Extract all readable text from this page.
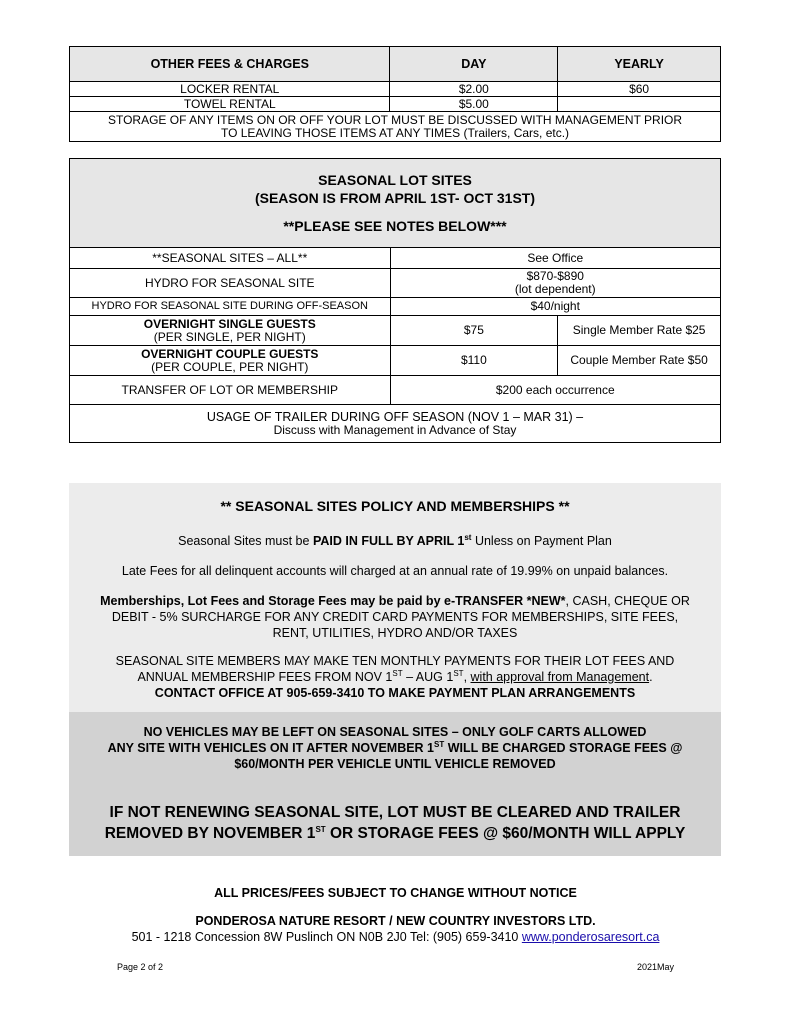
OTHER FEES & CHARGES	DAY	YEARLY
LOCKER RENTAL	$2.00	$60
TOWEL RENTAL	$5.00	
STORAGE OF ANY ITEMS ON OR OFF YOUR LOT MUST BE DISCUSSED WITH MANAGEMENT PRIOR
TO LEAVING THOSE ITEMS AT ANY TIMES (Trailers, Cars, etc.)		
SEASONAL LOT SITES
(SEASON IS FROM APRIL 1ST- OCT 31ST)
**PLEASE SEE NOTES BELOW***		

**SEASONAL SITES – ALL**	See Office	
HYDRO FOR SEASONAL SITE	$870-$890
(lot dependent)	
HYDRO FOR SEASONAL SITE DURING OFF-SEASON	$40/night	
OVERNIGHT SINGLE GUESTS
(PER SINGLE, PER NIGHT)	$75	Single Member Rate $25
OVERNIGHT COUPLE GUESTS
(PER COUPLE, PER NIGHT)	$110	Couple Member Rate $50
TRANSFER OF LOT OR MEMBERSHIP	$200 each occurrence	
USAGE OF TRAILER DURING OFF SEASON (NOV 1 – MAR 31) –
Discuss with Management in Advance of Stay		
** SEASONAL SITES POLICY AND MEMBERSHIPS **
Seasonal Sites must be PAID IN FULL BY APRIL 1st Unless on Payment Plan
Late Fees for all delinquent accounts will charged at an annual rate of 19.99% on unpaid balances.
Memberships, Lot Fees and Storage Fees may be paid by e-TRANSFER *NEW*, CASH, CHEQUE OR
DEBIT - 5% SURCHARGE FOR ANY CREDIT CARD PAYMENTS FOR MEMBERSHIPS, SITE FEES,
RENT, UTILITIES, HYDRO AND/OR TAXES
SEASONAL SITE MEMBERS MAY MAKE TEN MONTHLY PAYMENTS FOR THEIR LOT FEES AND
ANNUAL MEMBERSHIP FEES FROM NOV 1ST – AUG 1ST, with approval from Management.
CONTACT OFFICE AT 905-659-3410 TO MAKE PAYMENT PLAN ARRANGEMENTS
NO VEHICLES MAY BE LEFT ON SEASONAL SITES – ONLY GOLF CARTS ALLOWED
ANY SITE WITH VEHICLES ON IT AFTER NOVEMBER 1ST WILL BE CHARGED STORAGE FEES @
$60/MONTH PER VEHICLE UNTIL VEHICLE REMOVED
IF NOT RENEWING SEASONAL SITE, LOT MUST BE CLEARED AND TRAILER
REMOVED BY NOVEMBER 1ST OR STORAGE FEES @ $60/MONTH WILL APPLY
ALL PRICES/FEES SUBJECT TO CHANGE WITHOUT NOTICE
PONDEROSA NATURE RESORT / NEW COUNTRY INVESTORS LTD.
501 - 1218 Concession 8W Puslinch ON N0B 2J0 Tel: (905) 659-3410 www.ponderosaresort.ca
Page 2 of 2	2021May
